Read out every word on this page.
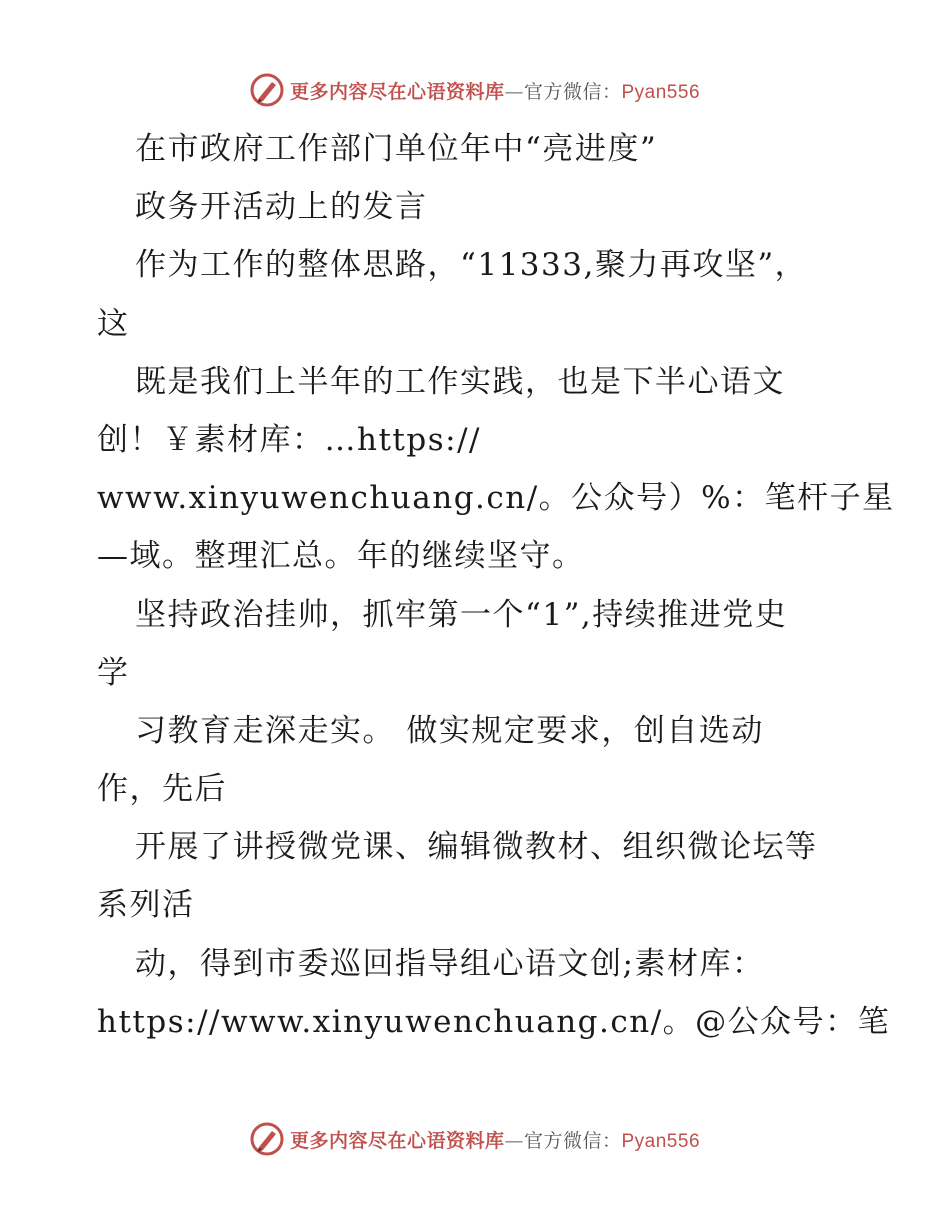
更多内容尽在心语资料库—官方微信：Pyan556
在市政府工作部门单位年中“亮进度”
政务开活动上的发言
作为工作的整体思路，“11333,聚力再攻坚”，
这
既是我们上半年的工作实践，也是下半心语文
创！￥素材库：…https://
www.xinyuwenchuang.cn/。公众号）%：笔杆子星
—域。整理汇总。年的继续坚守。
坚持政治挂帅，抓牢第一个“1”,持续推进党史
学
习教育走深走实。 做实规定要求，创自选动
作，先后
开展了讲授微党课、编辑微教材、组织微论坛等
系列活
动，得到市委巡回指导组心语文创;素材库：
https://www.xinyuwenchuang.cn/。@公众号：笔
更多内容尽在心语资料库—官方微信：Pyan556
